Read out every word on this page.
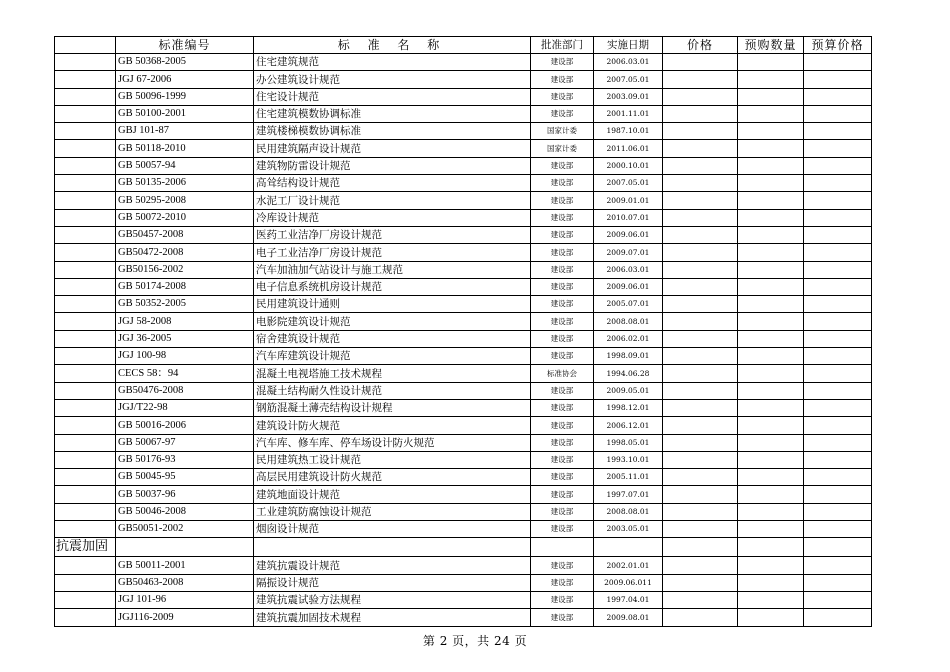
	标准编号	标 准 名 称	批准部门	实施日期	价格	预购数量	预算价格
	GB 50368-2005	住宅建筑规范	建设部	2006.03.01			
	JGJ 67-2006	办公建筑设计规范	建设部	2007.05.01			
	GB 50096-1999	住宅设计规范	建设部	2003.09.01			
	GB 50100-2001	住宅建筑模数协调标准	建设部	2001.11.01			
	GBJ 101-87	建筑楼梯模数协调标准	国家计委	1987.10.01			
	GB 50118-2010	民用建筑隔声设计规范	国家计委	2011.06.01			
	GB 50057-94	建筑物防雷设计规范	建设部	2000.10.01			
	GB 50135-2006	高耸结构设计规范	建设部	2007.05.01			
	GB 50295-2008	水泥工厂设计规范	建设部	2009.01.01			
	GB 50072-2010	冷库设计规范	建设部	2010.07.01			
	GB50457-2008	医药工业洁净厂房设计规范	建设部	2009.06.01			
	GB50472-2008	电子工业洁净厂房设计规范	建设部	2009.07.01			
	GB50156-2002	汽车加油加气站设计与施工规范	建设部	2006.03.01			
	GB 50174-2008	电子信息系统机房设计规范	建设部	2009.06.01			
	GB 50352-2005	民用建筑设计通则	建设部	2005.07.01			
	JGJ 58-2008	电影院建筑设计规范	建设部	2008.08.01			
	JGJ 36-2005	宿舍建筑设计规范	建设部	2006.02.01			
	JGJ 100-98	汽车库建筑设计规范	建设部	1998.09.01			
	CECS 58：94	混凝土电视塔施工技术规程	标准协会	1994.06.28			
	GB50476-2008	混凝土结构耐久性设计规范	建设部	2009.05.01			
	JGJ/T22-98	钢筋混凝土薄壳结构设计规程	建设部	1998.12.01			
	GB 50016-2006	建筑设计防火规范	建设部	2006.12.01			
	GB 50067-97	汽车库、修车库、停车场设计防火规范	建设部	1998.05.01			
	GB 50176-93	民用建筑热工设计规范	建设部	1993.10.01			
	GB 50045-95	高层民用建筑设计防火规范	建设部	2005.11.01			
	GB 50037-96	建筑地面设计规范	建设部	1997.07.01			
	GB 50046-2008	工业建筑防腐蚀设计规范	建设部	2008.08.01			
	GB50051-2002	烟囱设计规范	建设部	2003.05.01			
抗震加固							
	GB 50011-2001	建筑抗震设计规范	建设部	2002.01.01			
	GB50463-2008	隔振设计规范	建设部	2009.06.011			
	JGJ 101-96	建筑抗震试验方法规程	建设部	1997.04.01			
	JGJ116-2009	建筑抗震加固技术规程	建设部	2009.08.01			
第 2 页，共 24 页
